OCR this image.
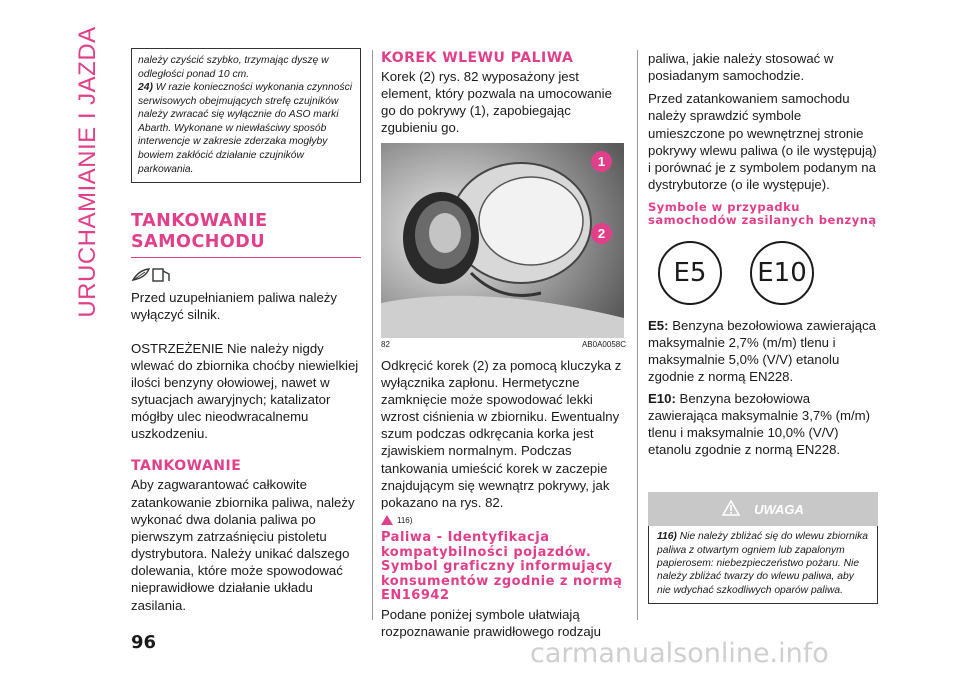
URUCHAMIANIE I JAZDA	należy czyścić szybko, trzymając dyszę w odległości ponad 10 cm.
24) W razie konieczności wykonania czynności serwisowych obejmujących strefę czujników należy zwracać się wyłącznie do ASO marki Abarth. Wykonane w niewłaściwy sposób interwencje w zakresie zderzaka mogłyby bowiem zakłócić działanie czujników parkowania.
TANKOWANIE SAMOCHODU

Przed uzupełnianiem paliwa należy wyłączyć silnik.

OSTRZEŻENIE Nie należy nigdy wlewać do zbiornika choćby niewielkiej ilości benzyny ołowiowej, nawet w sytuacjach awaryjnych; katalizator mógłby ulec nieodwracalnemu uszkodzeniu.

TANKOWANIE

Aby zagwarantować całkowite zatankowanie zbiornika paliwa, należy wykonać dwa dolania paliwa po pierwszym zatrzaśnięciu pistoletu dystrybutora. Należy unikać dalszego dolewania, które może spowodować nieprawidłowe działanie układu zasilania.

KOREK WLEWU PALIWA

Korek (2) rys. 82 wyposażony jest element, który pozwala na umocowanie go do pokrywy (1), zapobiegając zgubieniu go.

1
2
82	AB0A0058C

Odkręcić korek (2) za pomocą kluczyka z wyłącznika zapłonu. Hermetyczne zamknięcie może spowodować lekki wzrost ciśnienia w zbiorniku. Ewentualny szum podczas odkręcania korka jest zjawiskiem normalnym. Podczas tankowania umieścić korek w zaczepie znajdującym się wewnątrz pokrywy, jak pokazano na rys. 82.

116)
Paliwa - Identyfikacja kompatybilności pojazdów. Symbol graficzny informujący konsumentów zgodnie z normą EN16942

Podane poniżej symbole ułatwiają rozpoznawanie prawidłowego rodzaju

paliwa, jakie należy stosować w posiadanym samochodzie.

Przed zatankowaniem samochodu należy sprawdzić symbole umieszczone po wewnętrznej stronie pokrywy wlewu paliwa (o ile występują) i porównać je z symbolem podanym na dystrybutorze (o ile występuje).

Symbole w przypadku samochodów zasilanych benzyną
E5	E10

E5: Benzyna bezołowiowa zawierająca maksymalnie 2,7% (m/m) tlenu i maksymalnie 5,0% (V/V) etanolu zgodnie z normą EN228.

E10: Benzyna bezołowiowa zawierająca maksymalnie 3,7% (m/m) tlenu i maksymalnie 10,0% (V/V) etanolu zgodnie z normą EN228.

UWAGA
116) Nie należy zbliżać się do wlewu zbiornika paliwa z otwartym ogniem lub zapalonym papierosem: niebezpieczeństwo pożaru. Nie należy zbliżać twarzy do wlewu paliwa, aby nie wdychać szkodliwych oparów paliwa.
96	carmanualsonline.info
